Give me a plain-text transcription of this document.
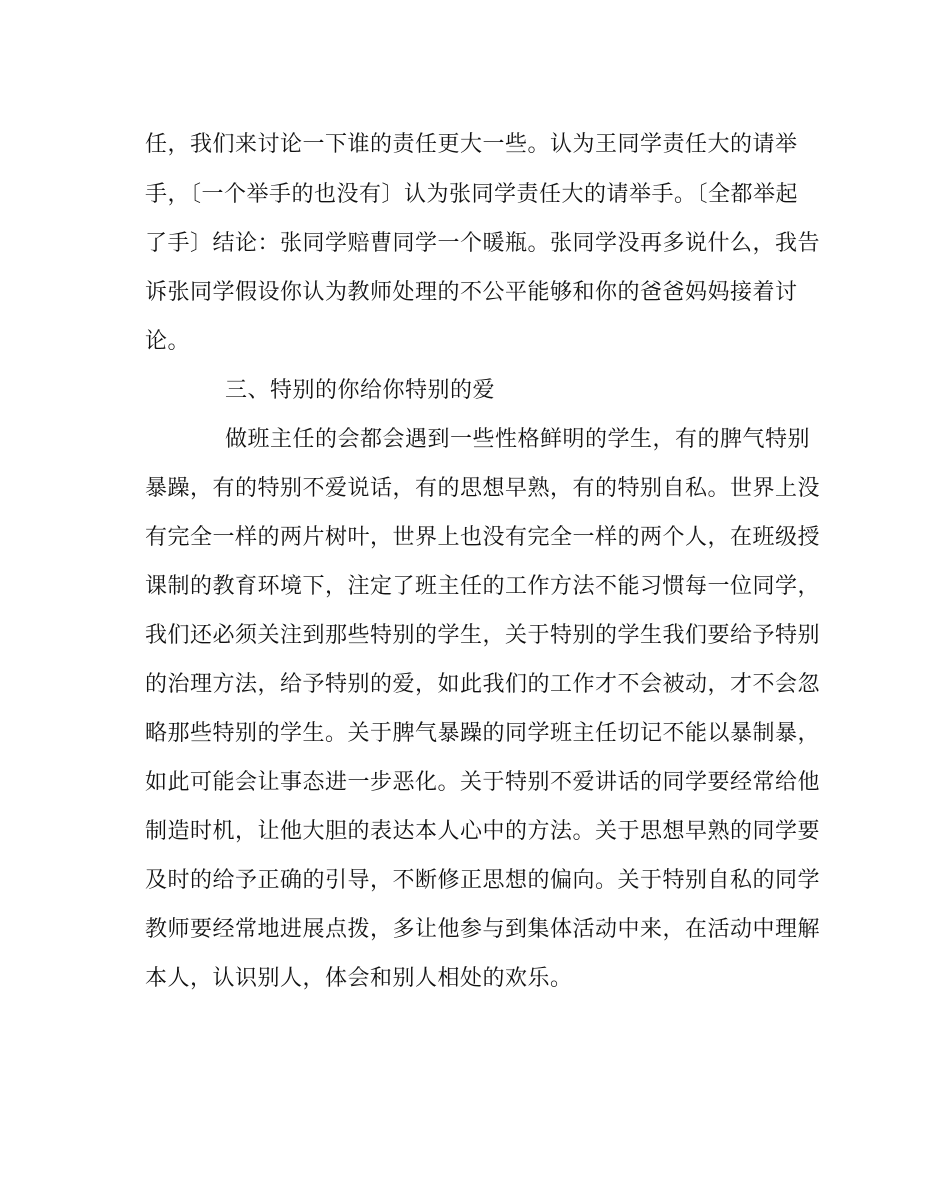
任，我们来讨论一下谁的责任更大一些。认为王同学责任大的请举
手，〔一个举手的也没有〕认为张同学责任大的请举手。〔全都举起
了手〕结论：张同学赔曹同学一个暖瓶。张同学没再多说什么，我告
诉张同学假设你认为教师处理的不公平能够和你的爸爸妈妈接着讨
论。
三、特别的你给你特别的爱
做班主任的会都会遇到一些性格鲜明的学生，有的脾气特别
暴躁，有的特别不爱说话，有的思想早熟，有的特别自私。世界上没
有完全一样的两片树叶，世界上也没有完全一样的两个人，在班级授
课制的教育环境下，注定了班主任的工作方法不能习惯每一位同学，
我们还必须关注到那些特别的学生，关于特别的学生我们要给予特别
的治理方法，给予特别的爱，如此我们的工作才不会被动，才不会忽
略那些特别的学生。关于脾气暴躁的同学班主任切记不能以暴制暴，
如此可能会让事态进一步恶化。关于特别不爱讲话的同学要经常给他
制造时机，让他大胆的表达本人心中的方法。关于思想早熟的同学要
及时的给予正确的引导，不断修正思想的偏向。关于特别自私的同学
教师要经常地进展点拨，多让他参与到集体活动中来，在活动中理解
本人，认识别人，体会和别人相处的欢乐。
